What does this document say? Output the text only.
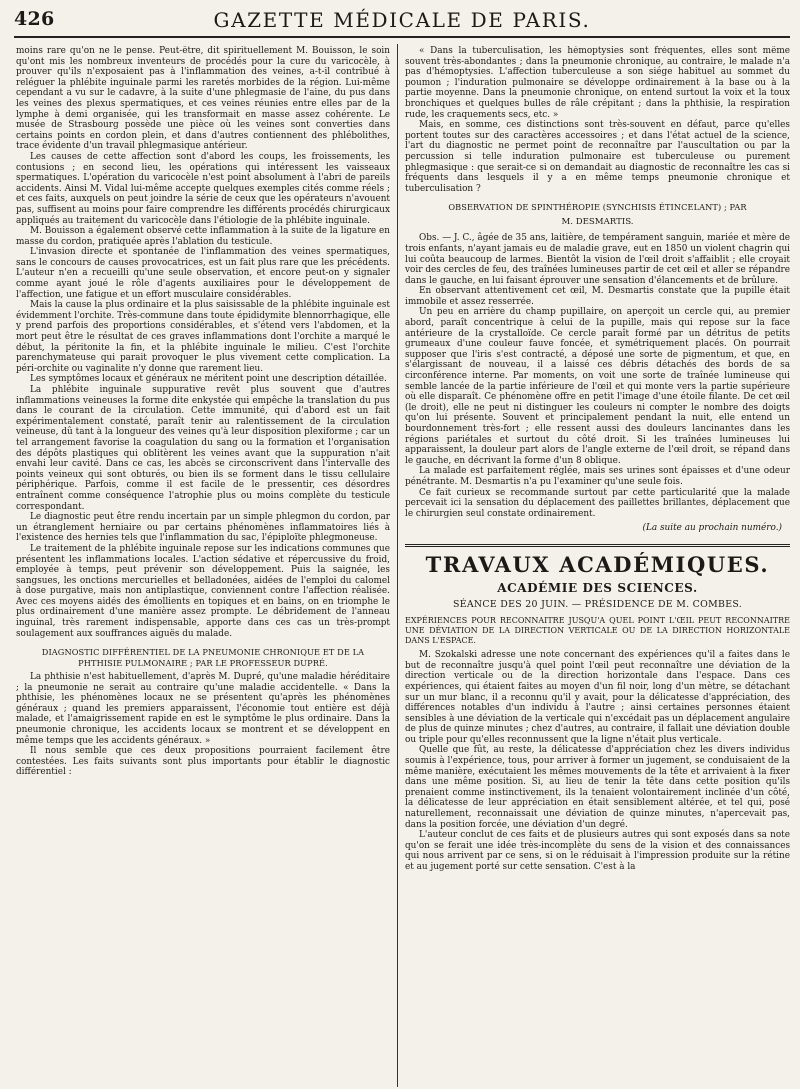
426	GAZETTE MÉDICALE DE PARIS.

moins rare qu'on ne le pense. Peut-être, dit spirituellement M. Bouisson, le soin qu'ont mis les nombreux inventeurs de procédés pour la cure du varicocèle, à prouver qu'ils n'exposaient pas à l'inflammation des veines, a-t-il contribué à reléguer la phlébite inguinale parmi les raretés morbides de la région. Lui-même cependant a vu sur le cadavre, à la suite d'une phlegmasie de l'aine, du pus dans les veines des plexus spermatiques, et ces veines réunies entre elles par de la lymphe à demi organisée, qui les transformait en masse assez cohérente. Le musée de Strasbourg possède une pièce où les veines sont converties dans certains points en cordon plein, et dans d'autres contiennent des phlébolithes, trace évidente d'un travail phlegmasique antérieur.

Les causes de cette affection sont d'abord les coups, les froissements, les contusions ; en second lieu, les opérations qui intéressent les vaisseaux spermatiques. L'opération du varicocèle n'est point absolument à l'abri de pareils accidents. Ainsi M. Vidal lui-même accepte quelques exemples cités comme réels ; et ces faits, auxquels on peut joindre la série de ceux que les opérateurs n'avouent pas, suffisent au moins pour faire comprendre les différents procédés chirurgicaux appliqués au traitement du varicocèle dans l'étiologie de la phlébite inguinale.

M. Bouisson a également observé cette inflammation à la suite de la ligature en masse du cordon, pratiquée après l'ablation du testicule.

L'invasion directe et spontanée de l'inflammation des veines spermatiques, sans le concours de causes provocatrices, est un fait plus rare que les précédents. L'auteur n'en a recueilli qu'une seule observation, et encore peut-on y signaler comme ayant joué le rôle d'agents auxiliaires pour le développement de l'affection, une fatigue et un effort musculaire considérables.

Mais la cause la plus ordinaire et la plus saisissable de la phlébite inguinale est évidemment l'orchite. Très-commune dans toute épididymite blennorrhagique, elle y prend parfois des proportions considérables, et s'étend vers l'abdomen, et la mort peut être le résultat de ces graves inflammations dont l'orchite a marqué le début, la péritonite la fin, et la phlébite inguinale le milieu. C'est l'orchite parenchymateuse qui parait provoquer le plus vivement cette complication. La péri-orchite ou vaginalite n'y donne que rarement lieu.

Les symptômes locaux et généraux ne méritent point une description détaillée.

La phlébite inguinale suppurative revêt plus souvent que d'autres inflammations veineuses la forme dite enkystée qui empêche la translation du pus dans le courant de la circulation. Cette immunité, qui d'abord est un fait expérimentalement constaté, paraît tenir au ralentissement de la circulation veineuse, dû tant à la longueur des veines qu'à leur disposition plexiforme ; car un tel arrangement favorise la coagulation du sang ou la formation et l'organisation des dépôts plastiques qui oblitèrent les veines avant que la suppuration n'ait envahi leur cavité. Dans ce cas, les abcès se circonscrivent dans l'intervalle des points veineux qui sont obturés, ou bien ils se forment dans le tissu cellulaire périphérique. Parfois, comme il est facile de le pressentir, ces désordres entraînent comme conséquence l'atrophie plus ou moins complète du testicule correspondant.

Le diagnostic peut être rendu incertain par un simple phlegmon du cordon, par un étranglement herniaire ou par certains phénomènes inflammatoires liés à l'existence des hernies tels que l'inflammation du sac, l'épiploïte phlegmoneuse.

Le traitement de la phlébite inguinale repose sur les indications communes que présentent les inflammations locales. L'action sédative et répercussive du froid, employée à temps, peut prévenir son développement. Puis la saignée, les sangsues, les onctions mercurielles et belladonées, aidées de l'emploi du calomel à dose purgative, mais non antiplastique, conviennent contre l'affection réalisée. Avec ces moyens aidés des émollients en topiques et en bains, on en triomphe le plus ordinairement d'une manière assez prompte. Le débridement de l'anneau inguinal, très rarement indispensable, apporte dans ces cas un très-prompt soulagement aux souffrances aiguës du malade.

DIAGNOSTIC DIFFÉRENTIEL DE LA PNEUMONIE CHRONIQUE ET DE LA PHTHISIE PULMONAIRE ; PAR LE PROFESSEUR DUPRÉ.

La phthisie n'est habituellement, d'après M. Dupré, qu'une maladie héréditaire ; la pneumonie ne serait au contraire qu'une maladie accidentelle. « Dans la phthisie, les phénomènes locaux ne se présentent qu'après les phénomènes généraux ; quand les premiers apparaissent, l'économie tout entière est déjà malade, et l'amaigrissement rapide en est le symptôme le plus ordinaire. Dans la pneumonie chronique, les accidents locaux se montrent et se développent en même temps que les accidents généraux. »

Il nous semble que ces deux propositions pourraient facilement être contestées. Les faits suivants sont plus importants pour établir le diagnostic différentiel :

« Dans la tuberculisation, les hémoptysies sont fréquentes, elles sont même souvent très-abondantes ; dans la pneumonie chronique, au contraire, le malade n'a pas d'hémoptysies. L'affection tuberculeuse a son siége habituel au sommet du poumon ; l'induration pulmonaire se développe ordinairement à la base ou à la partie moyenne. Dans la pneumonie chronique, on entend surtout la voix et la toux bronchiques et quelques bulles de râle crépitant ; dans la phthisie, la respiration rude, les craquements secs, etc. »

Mais, en somme, ces distinctions sont très-souvent en défaut, parce qu'elles portent toutes sur des caractères accessoires ; et dans l'état actuel de la science, l'art du diagnostic ne permet point de reconnaître par l'auscultation ou par la percussion si telle induration pulmonaire est tuberculeuse ou purement phlegmasique : que serait-ce si on demandait au diagnostic de reconnaître les cas si fréquents dans lesquels il y a en même temps pneumonie chronique et tuberculisation ?

OBSERVATION DE SPINTHÉROPIE (SYNCHISIS ÉTINCELANT) ; PAR
M. DESMARTIS.

Obs. — J. C., âgée de 35 ans, laitière, de tempérament sanguin, mariée et mère de trois enfants, n'ayant jamais eu de maladie grave, eut en 1850 un violent chagrin qui lui coûta beaucoup de larmes. Bientôt la vision de l'œil droit s'affaiblit ; elle croyait voir des cercles de feu, des traînées lumineuses partir de cet œil et aller se répandre dans le gauche, en lui faisant éprouver une sensation d'élancements et de brûlure.

En observant attentivement cet œil, M. Desmartis constate que la pupille était immobile et assez resserrée.

Un peu en arrière du champ pupillaire, on aperçoit un cercle qui, au premier abord, paraît concentrique à celui de la pupille, mais qui repose sur la face antérieure de la crystalloïde. Ce cercle paraît formé par un détritus de petits grumeaux d'une couleur fauve foncée, et symétriquement placés. On pourrait supposer que l'iris s'est contracté, a déposé une sorte de pigmentum, et que, en s'élargissant de nouveau, il a laissé ces débris détachés des bords de sa circonférence interne. Par moments, on voit une sorte de traînée lumineuse qui semble lancée de la partie inférieure de l'œil et qui monte vers la partie supérieure où elle disparaît. Ce phénomène offre en petit l'image d'une étoile filante. De cet œil (le droit), elle ne peut ni distinguer les couleurs ni compter le nombre des doigts qu'on lui présente. Souvent et principalement pendant la nuit, elle entend un bourdonnement très-fort ; elle ressent aussi des douleurs lancinantes dans les régions pariétales et surtout du côté droit. Si les traînées lumineuses lui apparaissent, la douleur part alors de l'angle externe de l'œil droit, se répand dans le gauche, en décrivant la forme d'un 8 oblique.

La malade est parfaitement réglée, mais ses urines sont épaisses et d'une odeur pénétrante. M. Desmartis n'a pu l'examiner qu'une seule fois.

Ce fait curieux se recommande surtout par cette particularité que la malade percevait ici la sensation du déplacement des paillettes brillantes, déplacement que le chirurgien seul constate ordinairement.

(La suite au prochain numéro.)
TRAVAUX ACADÉMIQUES.
ACADÉMIE DES SCIENCES.
SÉANCE DES 20 JUIN. — PRÉSIDENCE DE M. COMBES.
EXPÉRIENCES POUR RECONNAITRE JUSQU'A QUEL POINT L'ŒIL PEUT RECONNAITRE UNE DÉVIATION DE LA DIRECTION VERTICALE OU DE LA DIRECTION HORIZONTALE DANS L'ESPACE.

M. Szokalski adresse une note concernant des expériences qu'il a faites dans le but de reconnaître jusqu'à quel point l'œil peut reconnaître une déviation de la direction verticale ou de la direction horizontale dans l'espace. Dans ces expériences, qui étaient faites au moyen d'un fil noir, long d'un mètre, se détachant sur un mur blanc, il a reconnu qu'il y avait, pour la délicatesse d'appréciation, des différences notables d'un individu à l'autre ; ainsi certaines personnes étaient sensibles à une déviation de la verticale qui n'excédait pas un déplacement angulaire de plus de quinze minutes ; chez d'autres, au contraire, il fallait une déviation double ou triple pour qu'elles reconnussent que la ligne n'était plus verticale.

Quelle que fût, au reste, la délicatesse d'appréciation chez les divers individus soumis à l'expérience, tous, pour arriver à former un jugement, se conduisaient de la même manière, exécutaient les mêmes mouvements de la tête et arrivaient à la fixer dans une même position. Si, au lieu de tenir la tête dans cette position qu'ils prenaient comme instinctivement, ils la tenaient volontairement inclinée d'un côté, la délicatesse de leur appréciation en était sensiblement altérée, et tel qui, posé naturellement, reconnaissait une déviation de quinze minutes, n'apercevait pas, dans la position forcée, une déviation d'un degré.

L'auteur conclut de ces faits et de plusieurs autres qui sont exposés dans sa note qu'on se ferait une idée très-incomplète du sens de la vision et des connaissances qui nous arrivent par ce sens, si on le réduisait à l'impression produite sur la rétine et au jugement porté sur cette sensation. C'est à la
